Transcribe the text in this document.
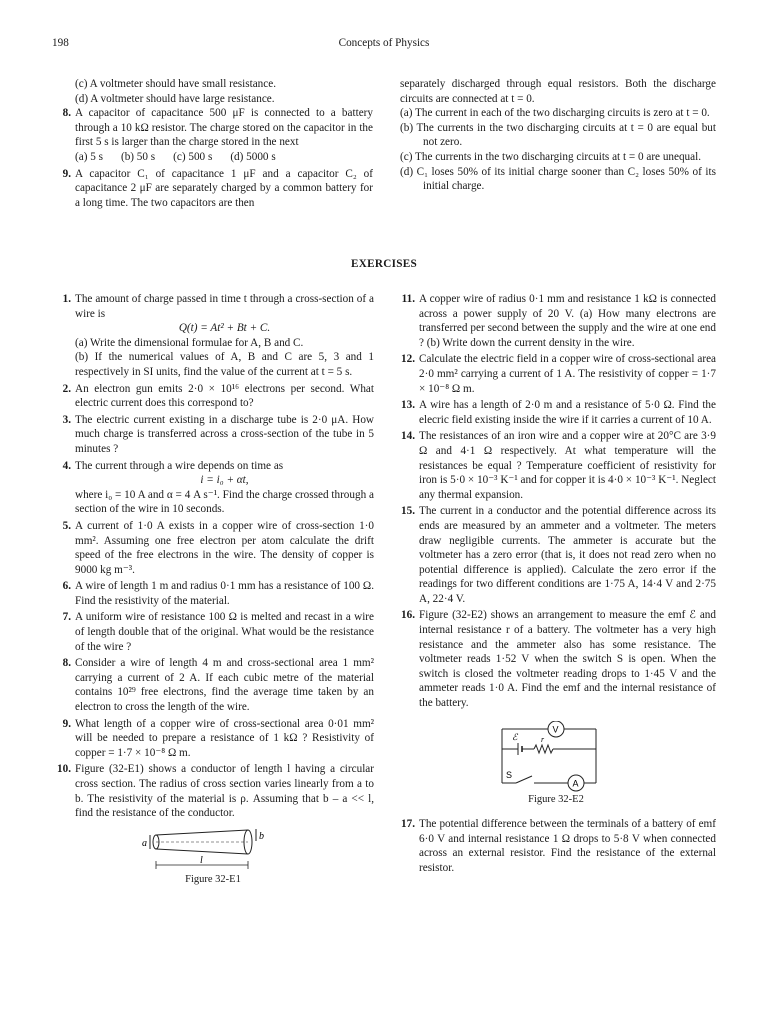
198	Concepts of Physics
(c) A voltmeter should have small resistance.
(d) A voltmeter should have large resistance.
8. A capacitor of capacitance 500 μF is connected to a battery through a 10 kΩ resistor. The charge stored on the capacitor in the first 5 s is larger than the charge stored in the next
(a) 5 s (b) 50 s (c) 500 s (d) 5000 s
9. A capacitor C₁ of capacitance 1 μF and a capacitor C₂ of capacitance 2 μF are separately charged by a common battery for a long time. The two capacitors are then
separately discharged through equal resistors. Both the discharge circuits are connected at t = 0.
(a) The current in each of the two discharging circuits is zero at t = 0.
(b) The currents in the two discharging circuits at t = 0 are equal but not zero.
(c) The currents in the two discharging circuits at t = 0 are unequal.
(d) C₁ loses 50% of its initial charge sooner than C₂ loses 50% of its initial charge.
EXERCISES
1. The amount of charge passed in time t through a cross-section of a wire is
Q(t) = At² + Bt + C.
(a) Write the dimensional formulae for A, B and C.
(b) If the numerical values of A, B and C are 5, 3 and 1 respectively in SI units, find the value of the current at t = 5 s.
2. An electron gun emits 2·0 × 10¹⁶ electrons per second. What electric current does this correspond to?
3. The electric current existing in a discharge tube is 2·0 μA. How much charge is transferred across a cross-section of the tube in 5 minutes ?
4. The current through a wire depends on time as
i = i₀ + αt,
where i₀ = 10 A and α = 4 A s⁻¹. Find the charge crossed through a section of the wire in 10 seconds.
5. A current of 1·0 A exists in a copper wire of cross-section 1·0 mm². Assuming one free electron per atom calculate the drift speed of the free electrons in the wire. The density of copper is 9000 kg m⁻³.
6. A wire of length 1 m and radius 0·1 mm has a resistance of 100 Ω. Find the resistivity of the material.
7. A uniform wire of resistance 100 Ω is melted and recast in a wire of length double that of the original. What would be the resistance of the wire ?
8. Consider a wire of length 4 m and cross-sectional area 1 mm² carrying a current of 2 A. If each cubic metre of the material contains 10²⁹ free electrons, find the average time taken by an electron to cross the length of the wire.
9. What length of a copper wire of cross-sectional area 0·01 mm² will be needed to prepare a resistance of 1 kΩ ? Resistivity of copper = 1·7 × 10⁻⁸ Ω m.
10. Figure (32-E1) shows a conductor of length l having a circular cross section. The radius of cross section varies linearly from a to b. The resistivity of the material is ρ. Assuming that b – a << l, find the resistance of the conductor.
a
b
l
Figure 32-E1
11. A copper wire of radius 0·1 mm and resistance 1 kΩ is connected across a power supply of 20 V. (a) How many electrons are transferred per second between the supply and the wire at one end ? (b) Write down the current density in the wire.
12. Calculate the electric field in a copper wire of cross-sectional area 2·0 mm² carrying a current of 1 A. The resistivity of copper = 1·7 × 10⁻⁸ Ω m.
13. A wire has a length of 2·0 m and a resistance of 5·0 Ω. Find the elecric field existing inside the wire if it carries a current of 10 A.
14. The resistances of an iron wire and a copper wire at 20°C are 3·9 Ω and 4·1 Ω respectively. At what temperature will the resistances be equal ? Temperature coefficient of resistivity for iron is 5·0 × 10⁻³ K⁻¹ and for copper it is 4·0 × 10⁻³ K⁻¹. Neglect any thermal expansion.
15. The current in a conductor and the potential difference across its ends are measured by an ammeter and a voltmeter. The meters draw negligible currents. The ammeter is accurate but the voltmeter has a zero error (that is, it does not read zero when no potential difference is applied). Calculate the zero error if the readings for two different conditions are 1·75 A, 14·4 V and 2·75 A, 22·4 V.
16. Figure (32-E2) shows an arrangement to measure the emf ℰ and internal resistance r of a battery. The voltmeter has a very high resistance and the ammeter also has some resistance. The voltmeter reads 1·52 V when the switch S is open. When the switch is closed the voltmeter reading drops to 1·45 V and the ammeter reads 1·0 A. Find the emf and the internal resistance of the battery.
V
ℰ	r
A
S
Figure 32-E2
17. The potential difference between the terminals of a battery of emf 6·0 V and internal resistance 1 Ω drops to 5·8 V when connected across an external resistor. Find the resistance of the external resistor.
